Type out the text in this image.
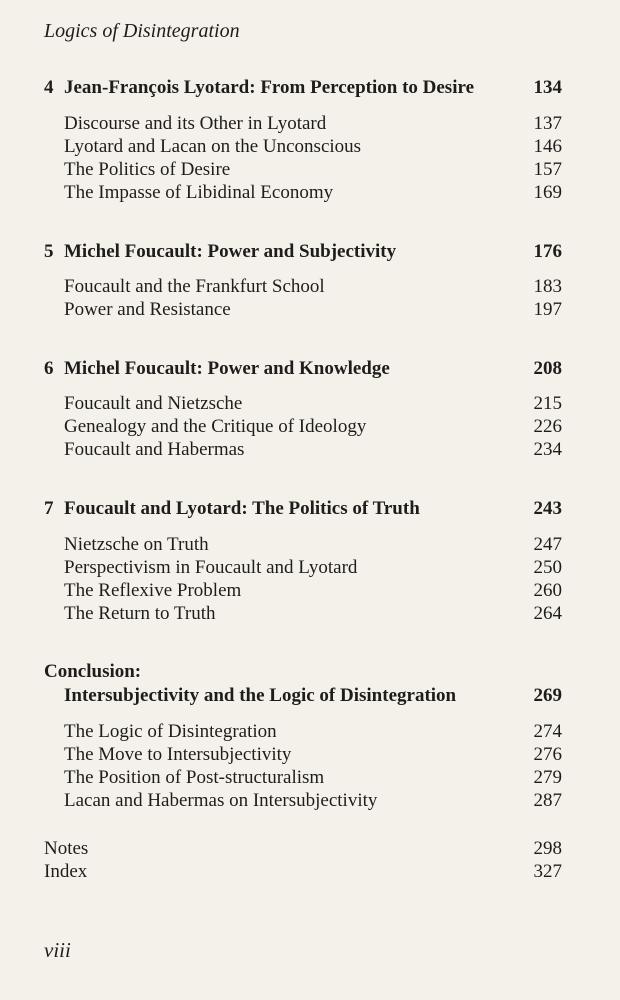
Logics of Disintegration
4 Jean-François Lyotard: From Perception to Desire	134
Discourse and its Other in Lyotard	137
Lyotard and Lacan on the Unconscious	146
The Politics of Desire	157
The Impasse of Libidinal Economy	169
5 Michel Foucault: Power and Subjectivity	176
Foucault and the Frankfurt School	183
Power and Resistance	197
6 Michel Foucault: Power and Knowledge	208
Foucault and Nietzsche	215
Genealogy and the Critique of Ideology	226
Foucault and Habermas	234
7 Foucault and Lyotard: The Politics of Truth	243
Nietzsche on Truth	247
Perspectivism in Foucault and Lyotard	250
The Reflexive Problem	260
The Return to Truth	264
Conclusion:
Intersubjectivity and the Logic of Disintegration	269
The Logic of Disintegration	274
The Move to Intersubjectivity	276
The Position of Post-structuralism	279
Lacan and Habermas on Intersubjectivity	287
Notes	298
Index	327
viii
